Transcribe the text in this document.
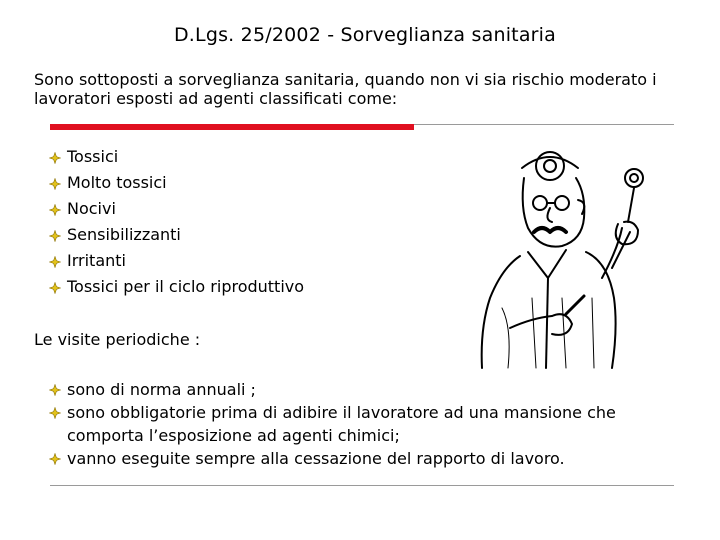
D.Lgs. 25/2002 - Sorveglianza sanitaria
Sono sottoposti a sorveglianza sanitaria, quando non vi sia rischio moderato i lavoratori esposti ad agenti classificati come:
Tossici
Molto tossici
Nocivi
Sensibilizzanti
Irritanti
Tossici per il ciclo riproduttivo
Le visite periodiche :
sono di norma annuali ;
sono obbligatorie prima di adibire il lavoratore ad una mansione che comporta l’esposizione ad agenti chimici;
vanno eseguite sempre alla cessazione del rapporto di lavoro.
